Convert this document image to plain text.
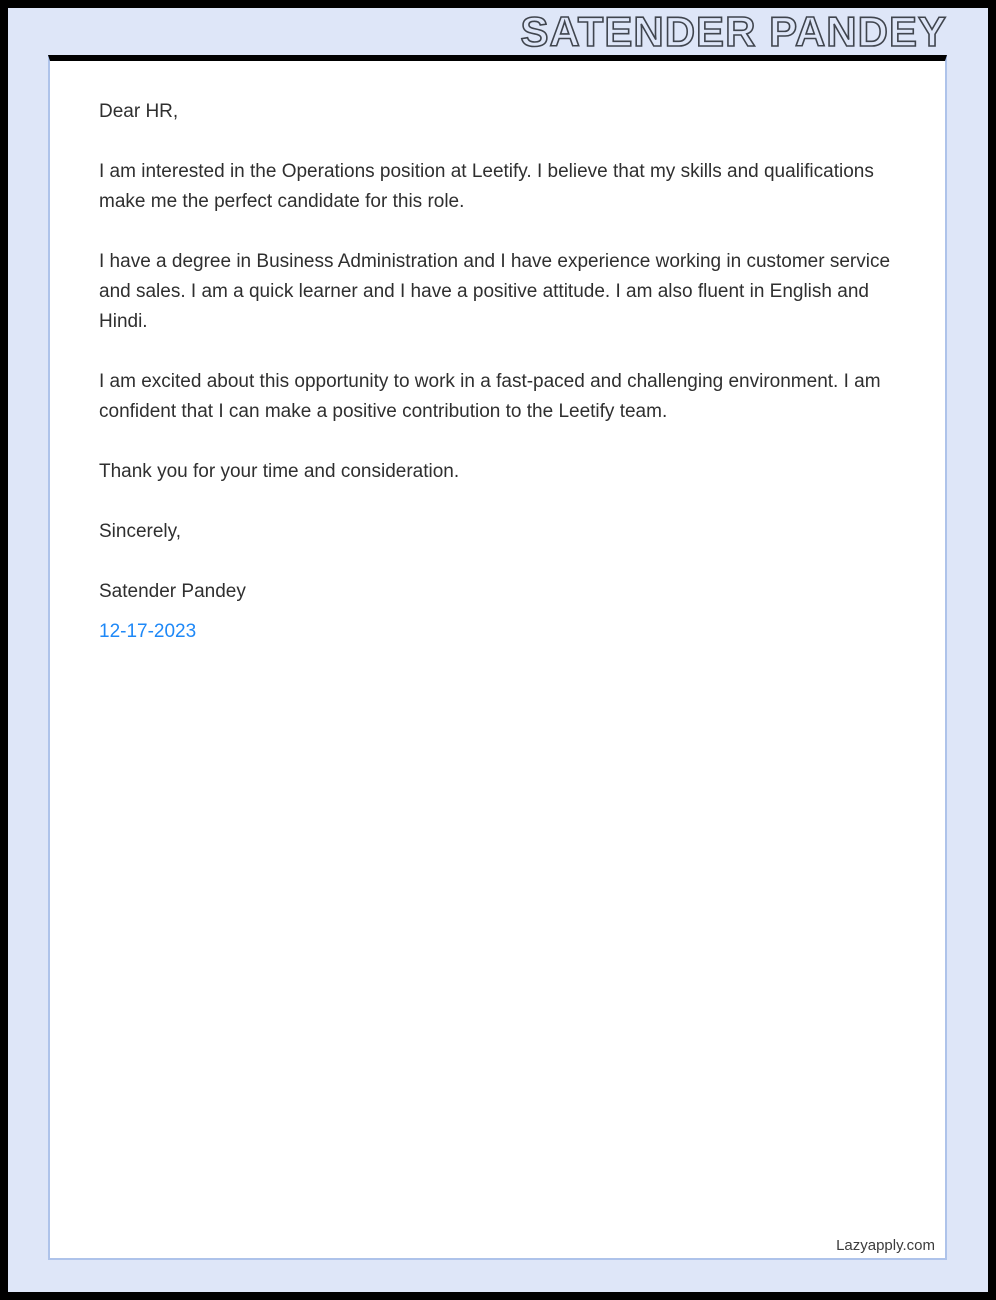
SATENDER PANDEY

Dear HR,

I am interested in the Operations position at Leetify. I believe that my skills and qualifications make me the perfect candidate for this role.

I have a degree in Business Administration and I have experience working in customer service and sales. I am a quick learner and I have a positive attitude. I am also fluent in English and Hindi.

I am excited about this opportunity to work in a fast-paced and challenging environment. I am confident that I can make a positive contribution to the Leetify team.

Thank you for your time and consideration.

Sincerely,

Satender Pandey

12-17-2023

Lazyapply.com
